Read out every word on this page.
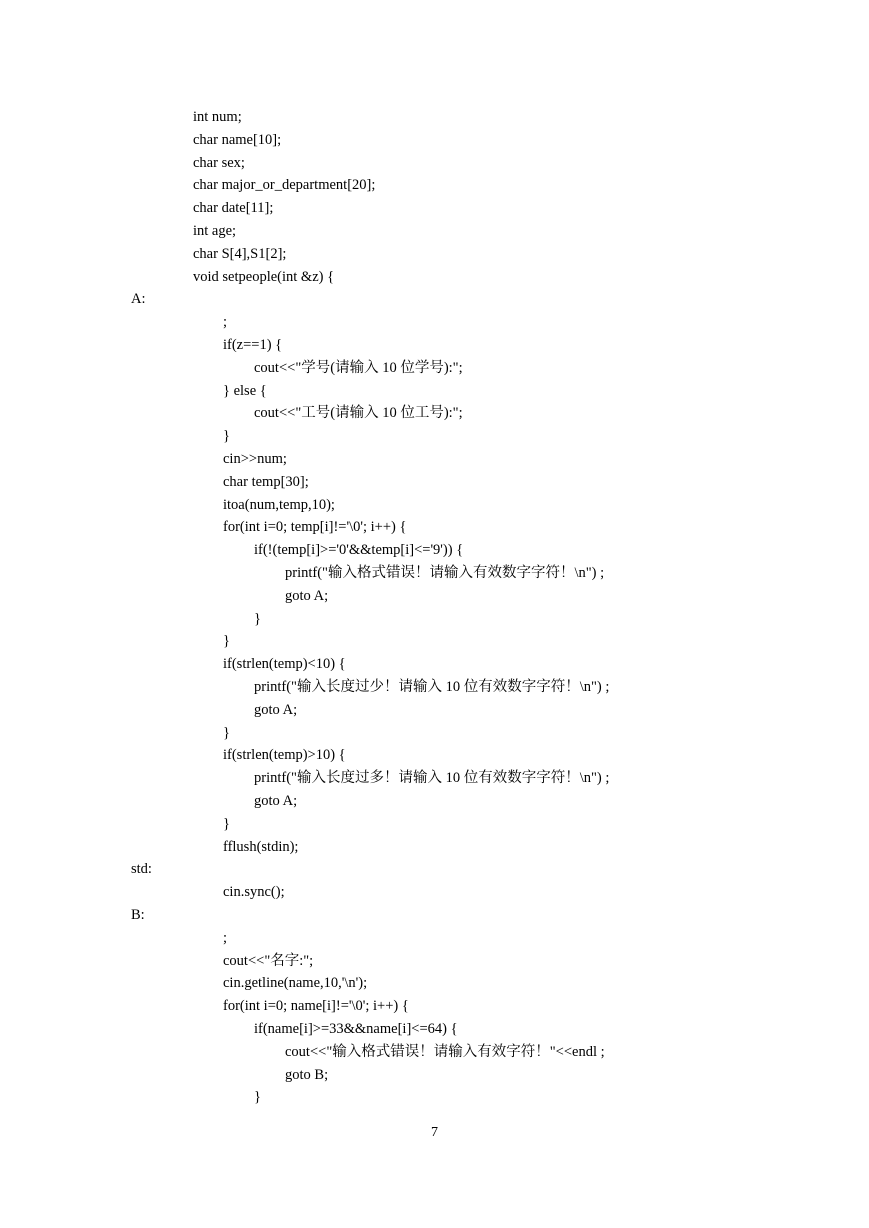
int num;
char name[10];
char sex;
char major_or_department[20];
char date[11];
int age;
char S[4],S1[2];
void setpeople(int &z) {
A:
;
if(z==1) {
cout<<"学号(请输入 10 位学号):";
} else {
cout<<"工号(请输入 10 位工号):";
}
cin>>num;
char temp[30];
itoa(num,temp,10);
for(int i=0; temp[i]!='\0'; i++) {
if(!(temp[i]>='0'&&temp[i]<='9')) {
printf("输入格式错误！请输入有效数字字符！\n") ;
goto A;
}
}
if(strlen(temp)<10) {
printf("输入长度过少！请输入 10 位有效数字字符！\n") ;
goto A;
}
if(strlen(temp)>10) {
printf("输入长度过多！请输入 10 位有效数字字符！\n") ;
goto A;
}
fflush(stdin);
std:
cin.sync();
B:
;
cout<<"名字:";
cin.getline(name,10,'\n');
for(int i=0; name[i]!='\0'; i++) {
if(name[i]>=33&&name[i]<=64) {
cout<<"输入格式错误！请输入有效字符！"<<endl ;
goto B;
}
7
